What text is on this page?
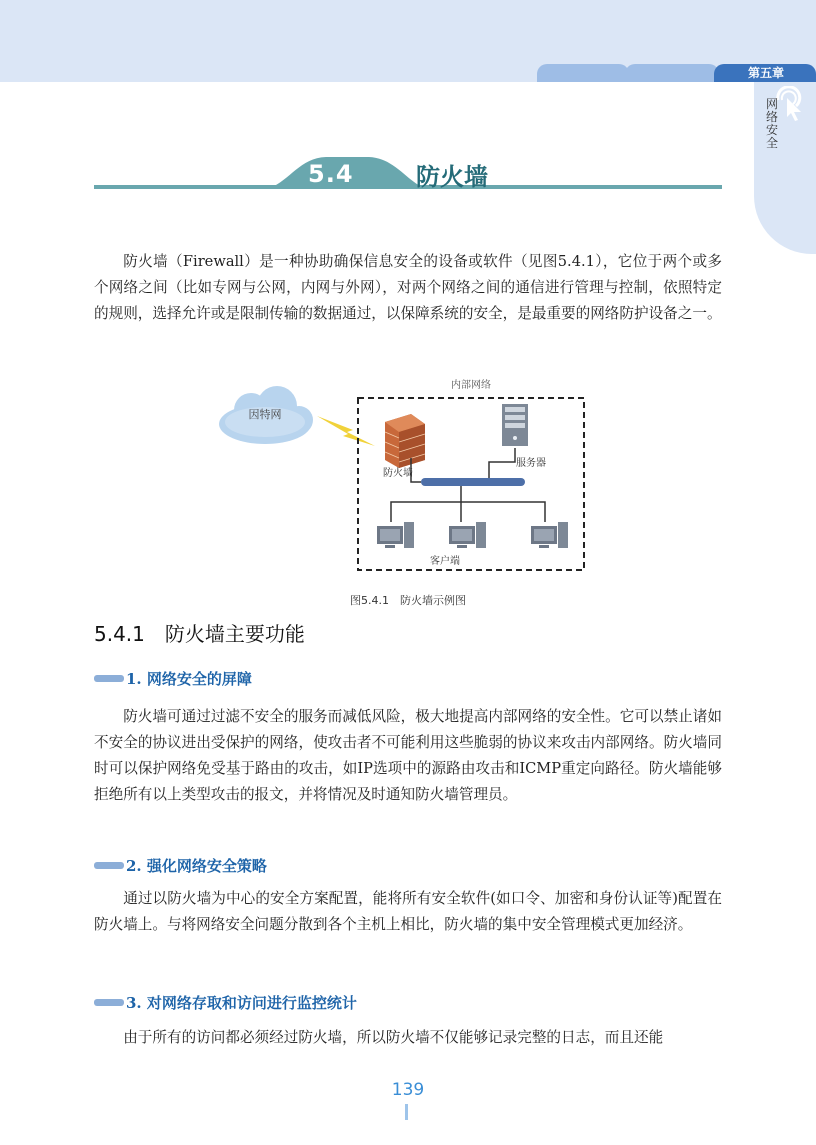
第五章
网络安全
5.4	防火墙

防火墙（Firewall）是一种协助确保信息安全的设备或软件（见图5.4.1），它位于两个或多个网络之间（比如专网与公网，内网与外网），对两个网络之间的通信进行管理与控制，依照特定的规则，选择允许或是限制传输的数据通过，以保障系统的安全，是最重要的网络防护设备之一。

因特网
内部网络
防火墙
服务器
客户端
图5.4.1　防火墙示例图
5.4.1　防火墙主要功能
1. 网络安全的屏障

防火墙可通过过滤不安全的服务而减低风险，极大地提高内部网络的安全性。它可以禁止诸如不安全的协议进出受保护的网络，使攻击者不可能利用这些脆弱的协议来攻击内部网络。防火墙同时可以保护网络免受基于路由的攻击，如IP选项中的源路由攻击和ICMP重定向路径。防火墙能够拒绝所有以上类型攻击的报文，并将情况及时通知防火墙管理员。

2. 强化网络安全策略

通过以防火墙为中心的安全方案配置，能将所有安全软件(如口令、加密和身份认证等)配置在防火墙上。与将网络安全问题分散到各个主机上相比，防火墙的集中安全管理模式更加经济。

3. 对网络存取和访问进行监控统计

由于所有的访问都必须经过防火墙，所以防火墙不仅能够记录完整的日志，而且还能

139
